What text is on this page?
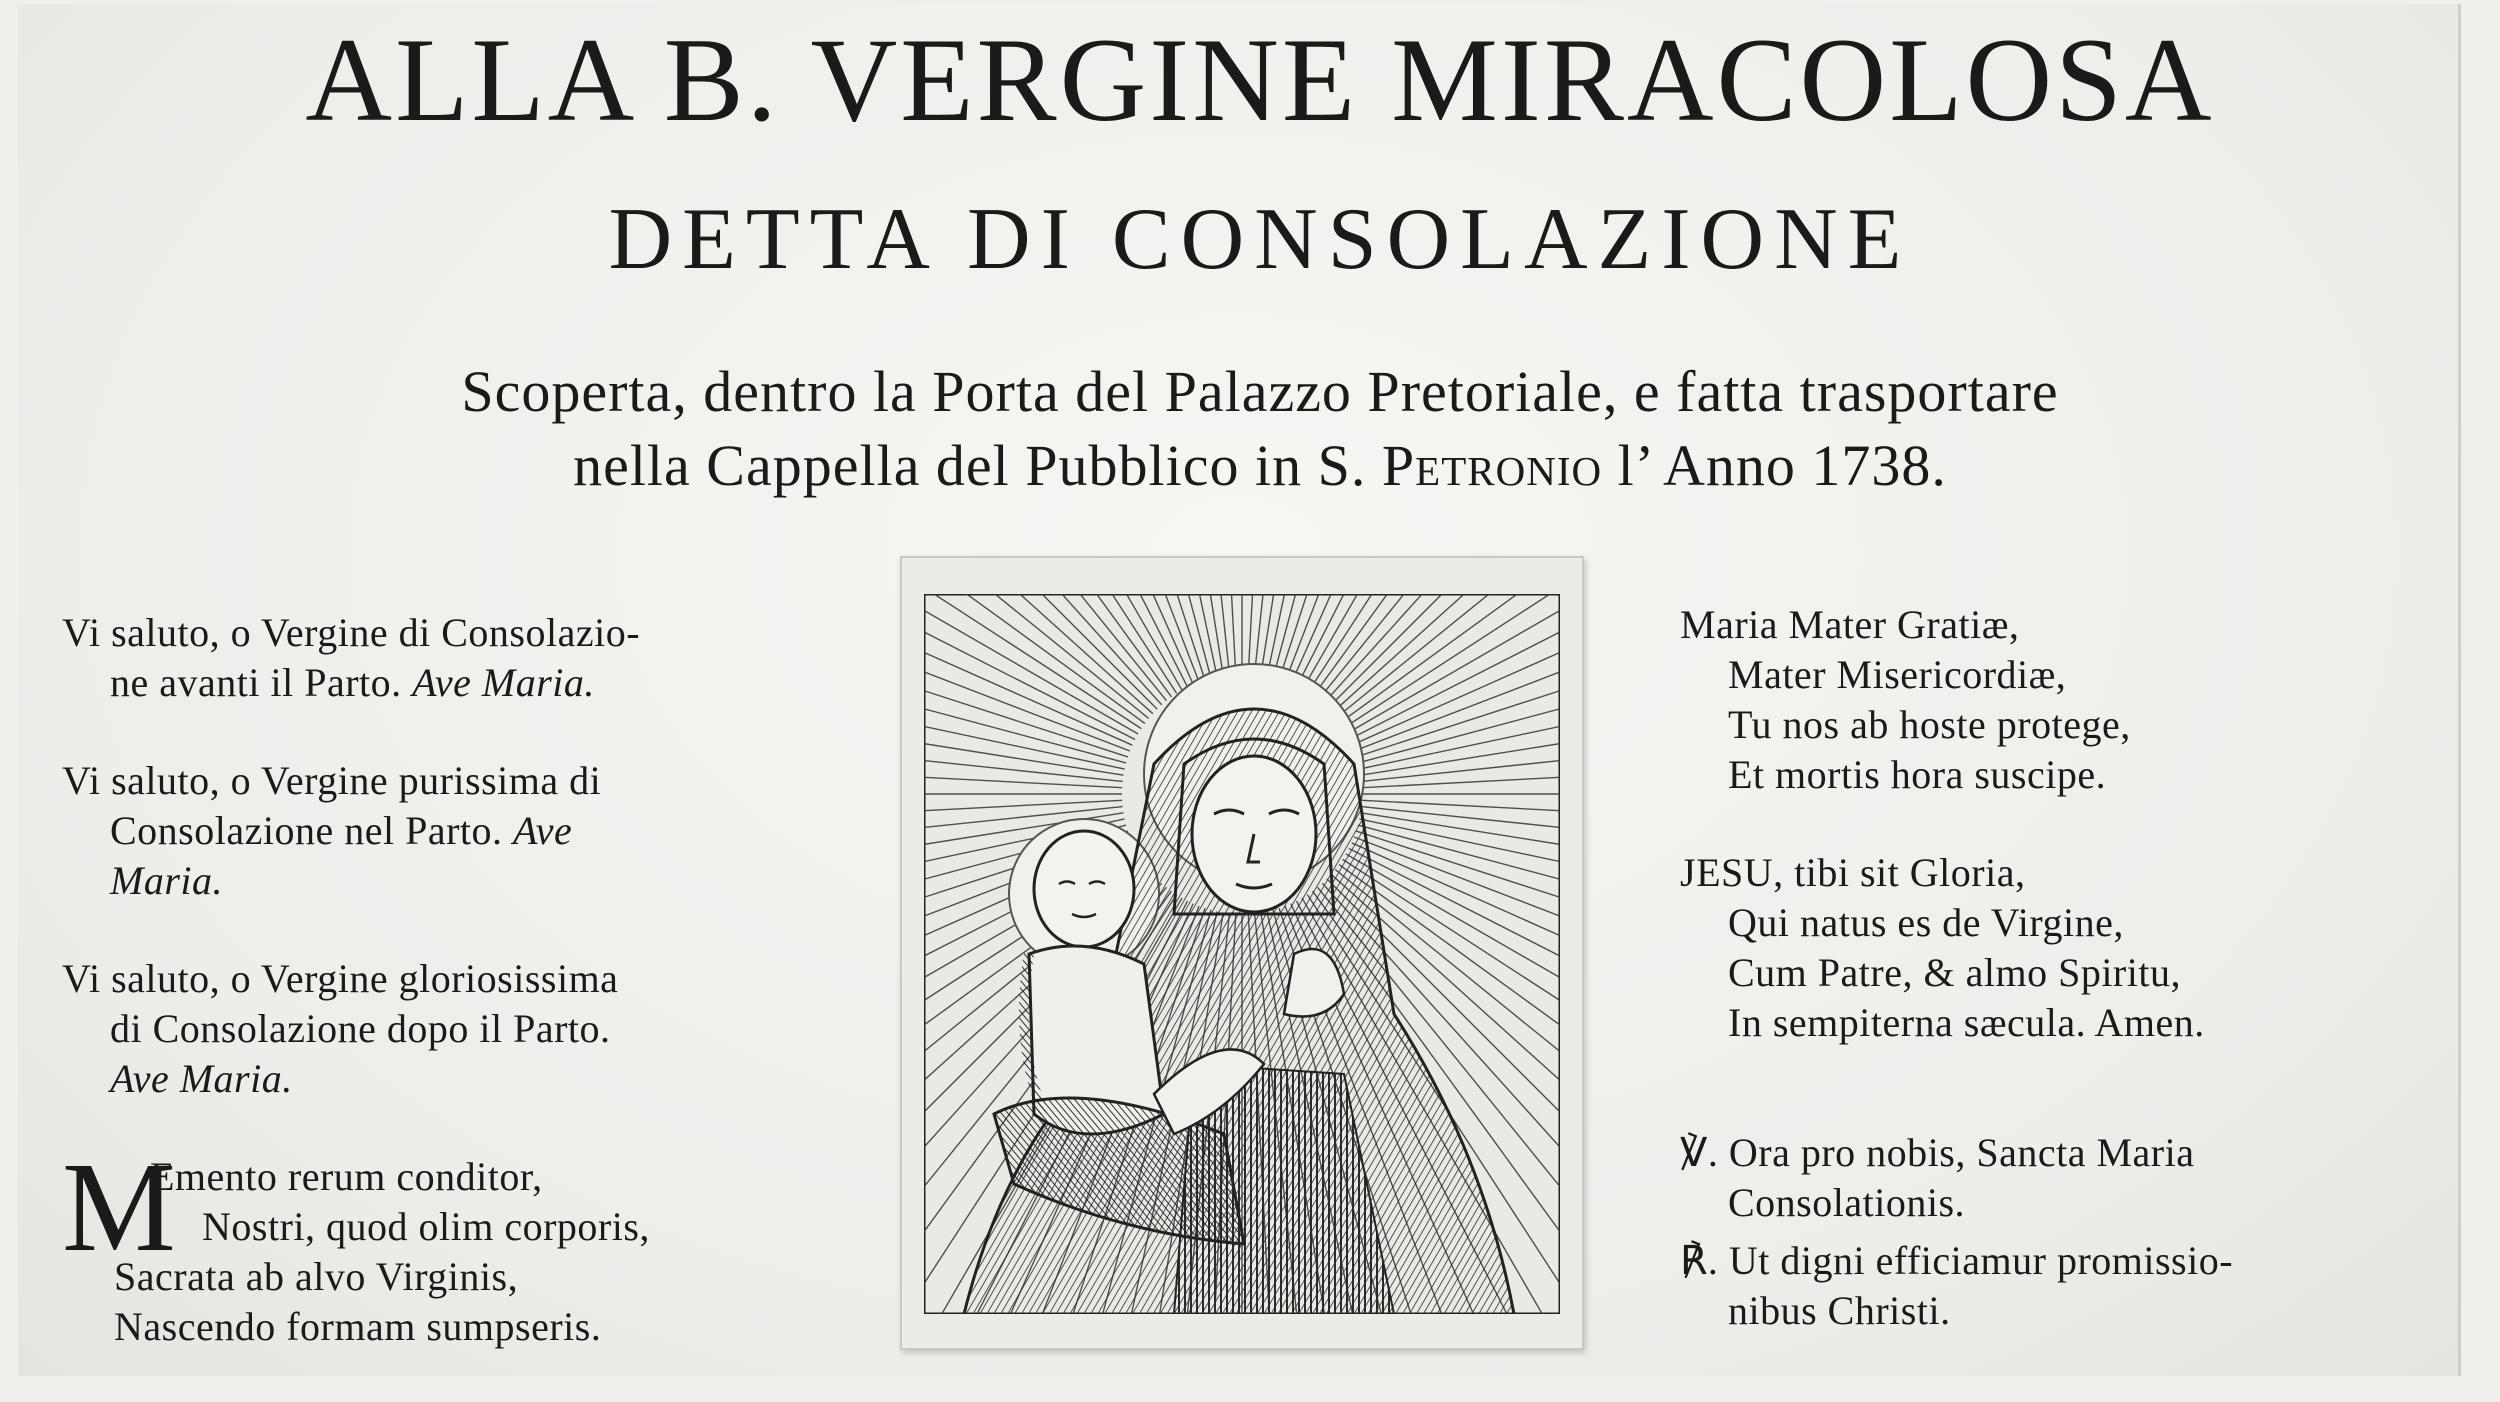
ALLA B. VERGINE MIRACOLOSA
DETTA DI CONSOLAZIONE
Scoperta, dentro la Porta del Palazzo Pretoriale, e fatta trasportare
nella Cappella del Pubblico in S. Petronio l’ Anno 1738.

Vi saluto, o Vergine di Consolazio-

ne avanti il Parto. Ave Maria.

Vi saluto, o Vergine purissima di

Consolazione nel Parto. Ave

Maria.

Vi saluto, o Vergine gloriosissima

di Consolazione dopo il Parto.

Ave Maria.

M

Emento rerum conditor,

Nostri, quod olim corporis,

Sacrata ab alvo Virginis,

Nascendo formam sumpseris.

Maria Mater Gratiæ,

Mater Misericordiæ,

Tu nos ab hoste protege,

Et mortis hora suscipe.

JESU, tibi sit Gloria,

Qui natus es de Virgine,

Cum Patre, & almo Spiritu,

In sempiterna sæcula. Amen.

℣. Ora pro nobis, Sancta Maria

Consolationis.

℟. Ut digni efficiamur promissio-

nibus Christi.
